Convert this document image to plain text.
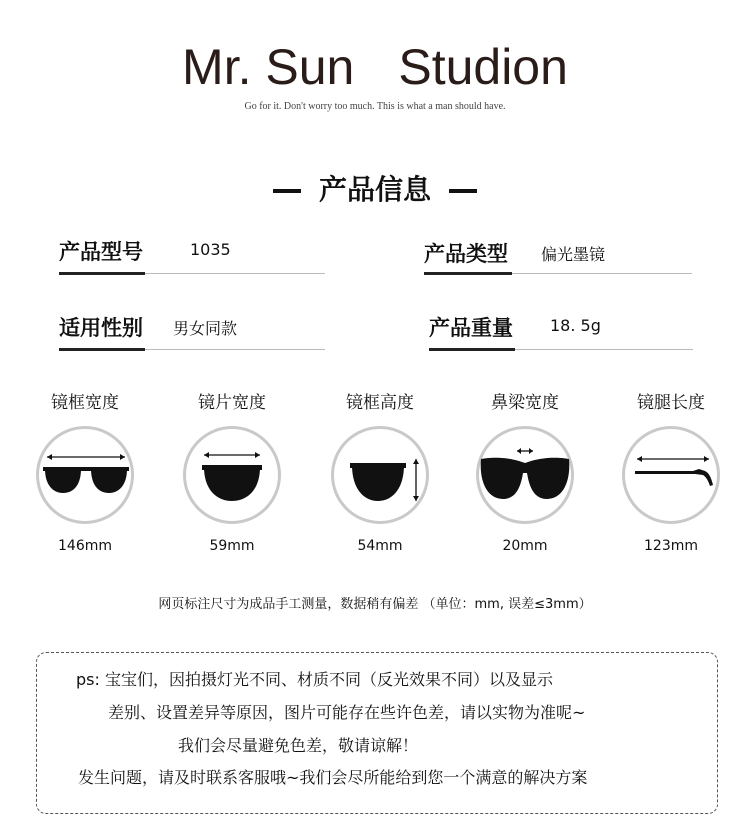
Mr. Sun Studion
Go for it. Don't worry too much. This is what a man should have.
产品信息
产品型号	1035	产品类型 偏光墨镜
适用性别 男女同款	产品重量 18. 5g
镜框宽度
146mm
镜片宽度
59mm
镜框高度
54mm
鼻梁宽度
20mm
镜腿长度
123mm
网页标注尺寸为成品手工测量，数据稍有偏差 （单位：mm, 误差≤3mm）
ps: 宝宝们，因拍摄灯光不同、材质不同（反光效果不同）以及显示
差别、设置差异等原因，图片可能存在些许色差，请以实物为准呢~
我们会尽量避免色差，敬请谅解！
发生问题，请及时联系客服哦~我们会尽所能给到您一个满意的解决方案
